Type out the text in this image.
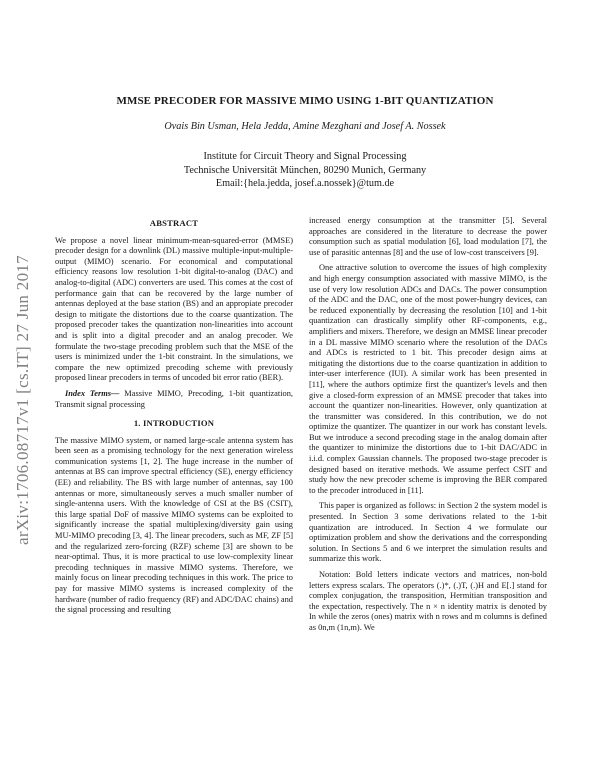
arXiv:1706.08717v1 [cs.IT] 27 Jun 2017
MMSE PRECODER FOR MASSIVE MIMO USING 1-BIT QUANTIZATION
Ovais Bin Usman, Hela Jedda, Amine Mezghani and Josef A. Nossek
Institute for Circuit Theory and Signal Processing
Technische Universität München, 80290 Munich, Germany
Email:{hela.jedda, josef.a.nossek}@tum.de
ABSTRACT

We propose a novel linear minimum-mean-squared-error (MMSE) precoder design for a downlink (DL) massive multiple-input-multiple-output (MIMO) scenario. For economical and computational efficiency reasons low resolution 1-bit digital-to-analog (DAC) and analog-to-digital (ADC) converters are used. This comes at the cost of performance gain that can be recovered by the large number of antennas deployed at the base station (BS) and an appropiate precoder design to mitigate the distortions due to the coarse quantization. The proposed precoder takes the quantization non-linearities into account and is split into a digital precoder and an analog precoder. We formulate the two-stage precoding problem such that the MSE of the users is minimized under the 1-bit constraint. In the simulations, we compare the new optimized precoding scheme with previously proposed linear precoders in terms of uncoded bit error ratio (BER).

Index Terms— Massive MIMO, Precoding, 1-bit quantization, Transmit signal processing

1. INTRODUCTION

The massive MIMO system, or named large-scale antenna system has been seen as a promising technology for the next generation wireless communication systems [1, 2]. The huge increase in the number of antennas at BS can improve spectral efficiency (SE), energy efficiency (EE) and reliability. The BS with large number of antennas, say 100 antennas or more, simultaneously serves a much smaller number of single-antenna users. With the knowledge of CSI at the BS (CSIT), this large spatial DoF of massive MIMO systems can be exploited to significantly increase the spatial multiplexing/diversity gain using MU-MIMO precoding [3, 4]. The linear precoders, such as MF, ZF [5] and the regularized zero-forcing (RZF) scheme [3] are shown to be near-optimal. Thus, it is more practical to use low-complexity linear precoding techniques in massive MIMO systems. Therefore, we mainly focus on linear precoding techniques in this work. The price to pay for massive MIMO systems is increased complexity of the hardware (number of radio frequency (RF) and ADC/DAC chains) and the signal processing and resulting

increased energy consumption at the transmitter [5]. Several approaches are considered in the literature to decrease the power consumption such as spatial modulation [6], load modulation [7], the use of parasitic antennas [8] and the use of low-cost transceivers [9].

One attractive solution to overcome the issues of high complexity and high energy consumption associated with massive MIMO, is the use of very low resolution ADCs and DACs. The power consumption of the ADC and the DAC, one of the most power-hungry devices, can be reduced exponentially by decreasing the resolution [10] and 1-bit quantization can drastically simplify other RF-components, e.g., amplifiers and mixers. Therefore, we design an MMSE linear precoder in a DL massive MIMO scenario where the resolution of the DACs and ADCs is restricted to 1 bit. This precoder design aims at mitigating the distortions due to the coarse quantization in addition to inter-user interference (IUI). A similar work has been presented in [11], where the authors optimize first the quantizer's levels and then give a closed-form expression of an MMSE precoder that takes into account the quantizer non-linearities. However, only quantization at the transmitter was considered. In this contribution, we do not optimize the quantizer. The quantizer in our work has constant levels. But we introduce a second precoding stage in the analog domain after the quantizer to minimize the distortions due to 1-bit DAC/ADC in i.i.d. complex Gaussian channels. The proposed two-stage precoder is designed based on iterative methods. We assume perfect CSIT and study how the new precoder scheme is improving the BER compared to the precoder introduced in [11].

This paper is organized as follows: in Section 2 the system model is presented. In Section 3 some derivations related to the 1-bit quantization are introduced. In Section 4 we formulate our optimization problem and show the derivations and the corresponding solution. In Sections 5 and 6 we interpret the simulation results and summarize this work.

Notation: Bold letters indicate vectors and matrices, non-bold letters express scalars. The operators (.)*, (.)T, (.)H and E[.] stand for complex conjugation, the transposition, Hermitian transposition and the expectation, respectively. The n × n identity matrix is denoted by In while the zeros (ones) matrix with n rows and m columns is defined as 0n,m (1n,m). We
